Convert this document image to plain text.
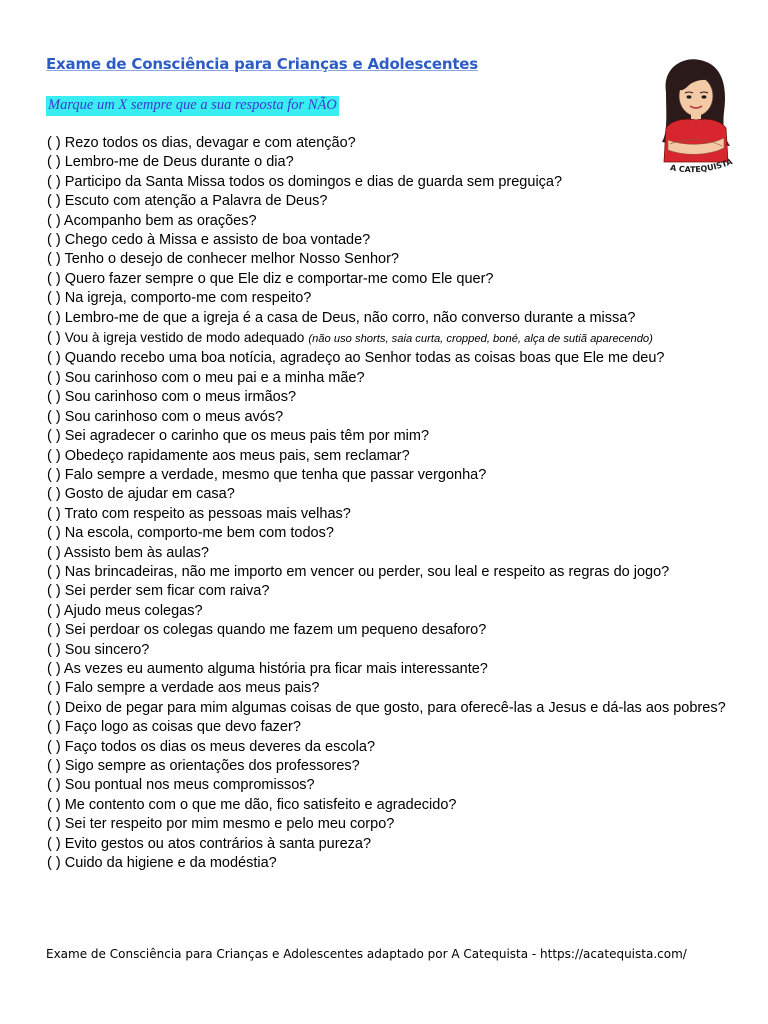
Exame de Consciência para Crianças e Adolescentes
Marque um X sempre que a sua resposta for NÃO
A CATEQUISTA
( ) Rezo todos os dias, devagar e com atenção?
( ) Lembro-me de Deus durante o dia?
( ) Participo da Santa Missa todos os domingos e dias de guarda sem preguiça?
( ) Escuto com atenção a Palavra de Deus?
( ) Acompanho bem as orações?
( ) Chego cedo à Missa e assisto de boa vontade?
( ) Tenho o desejo de conhecer melhor Nosso Senhor?
( ) Quero fazer sempre o que Ele diz e comportar-me como Ele quer?
( ) Na igreja, comporto-me com respeito?
( ) Lembro-me de que a igreja é a casa de Deus, não corro, não converso durante a missa?
( ) Vou à igreja vestido de modo adequado (não uso shorts, saia curta, cropped, boné, alça de sutiã aparecendo)
( ) Quando recebo uma boa notícia, agradeço ao Senhor todas as coisas boas que Ele me deu?
( ) Sou carinhoso com o meu pai e a minha mãe?
( ) Sou carinhoso com o meus irmãos?
( ) Sou carinhoso com o meus avós?
( ) Sei agradecer o carinho que os meus pais têm por mim?
( ) Obedeço rapidamente aos meus pais, sem reclamar?
( ) Falo sempre a verdade, mesmo que tenha que passar vergonha?
( ) Gosto de ajudar em casa?
( ) Trato com respeito as pessoas mais velhas?
( ) Na escola, comporto-me bem com todos?
( ) Assisto bem às aulas?
( ) Nas brincadeiras, não me importo em vencer ou perder, sou leal e respeito as regras do jogo?
( ) Sei perder sem ficar com raiva?
( ) Ajudo meus colegas?
( ) Sei perdoar os colegas quando me fazem um pequeno desaforo?
( ) Sou sincero?
( ) As vezes eu aumento alguma história pra ficar mais interessante?
( ) Falo sempre a verdade aos meus pais?
( ) Deixo de pegar para mim algumas coisas de que gosto, para oferecê-las a Jesus e dá-las aos pobres?
( ) Faço logo as coisas que devo fazer?
( ) Faço todos os dias os meus deveres da escola?
( ) Sigo sempre as orientações dos professores?
( ) Sou pontual nos meus compromissos?
( ) Me contento com o que me dão, fico satisfeito e agradecido?
( ) Sei ter respeito por mim mesmo e pelo meu corpo?
( ) Evito gestos ou atos contrários à santa pureza?
( ) Cuido da higiene e da modéstia?
Exame de Consciência para Crianças e Adolescentes adaptado por A Catequista - https://acatequista.com/
